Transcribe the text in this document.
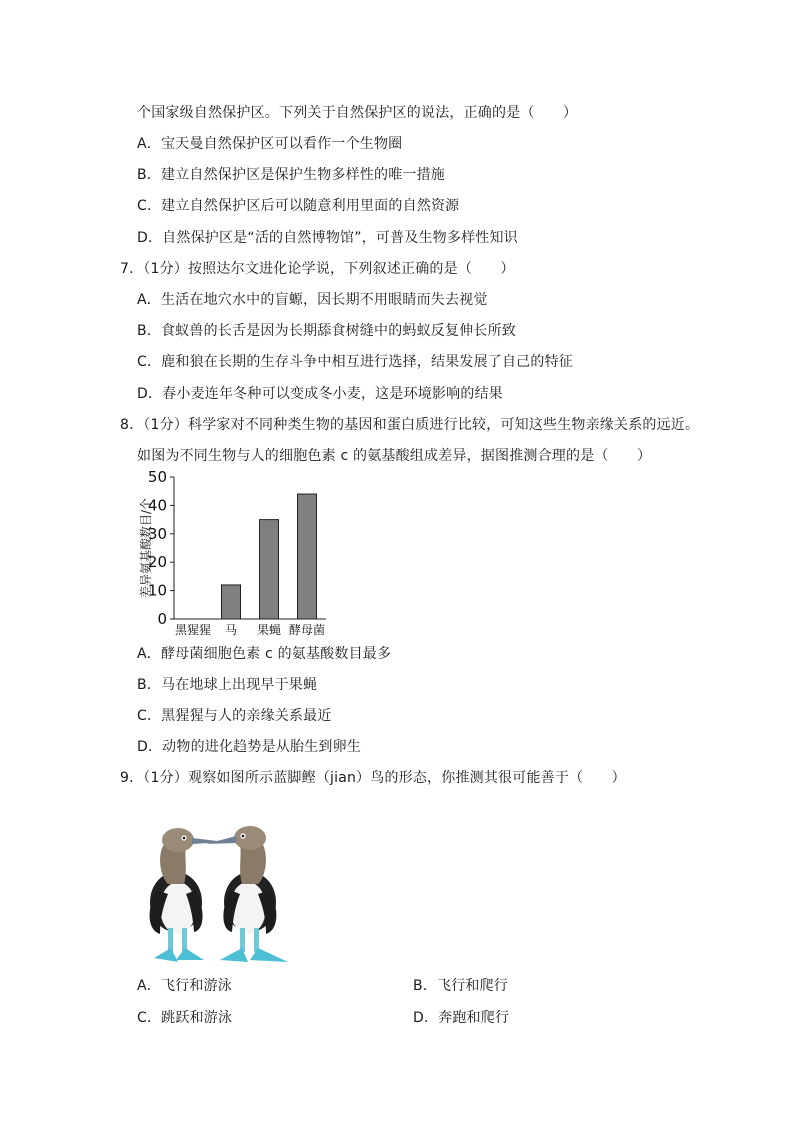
个国家级自然保护区。下列关于自然保护区的说法，正确的是（　　）
A．宝天曼自然保护区可以看作一个生物圈
B．建立自然保护区是保护生物多样性的唯一措施
C．建立自然保护区后可以随意利用里面的自然资源
D．自然保护区是“活的自然博物馆”，可普及生物多样性知识
7．（1分）按照达尔文进化论学说，下列叙述正确的是（　　）
A．生活在地穴水中的盲螈，因长期不用眼睛而失去视觉
B．食蚁兽的长舌是因为长期舔食树缝中的蚂蚁反复伸长所致
C．鹿和狼在长期的生存斗争中相互进行选择，结果发展了自己的特征
D．春小麦连年冬种可以变成冬小麦，这是环境影响的结果
8．（1分）科学家对不同种类生物的基因和蛋白质进行比较，可知这些生物亲缘关系的远近。
如图为不同生物与人的细胞色素 c 的氨基酸组成差异，据图推测合理的是（　　）
0
10
20
30
40
50
黑猩猩 马 果蝇 酵母菌
差异氨基酸数目/个
A．酵母菌细胞色素 c 的氨基酸数目最多
B．马在地球上出现早于果蝇
C．黑猩猩与人的亲缘关系最近
D．动物的进化趋势是从胎生到卵生
9．（1分）观察如图所示蓝脚鲣（jian）鸟的形态，你推测其很可能善于（　　）
A．飞行和游泳	B．飞行和爬行
C．跳跃和游泳	D．奔跑和爬行
